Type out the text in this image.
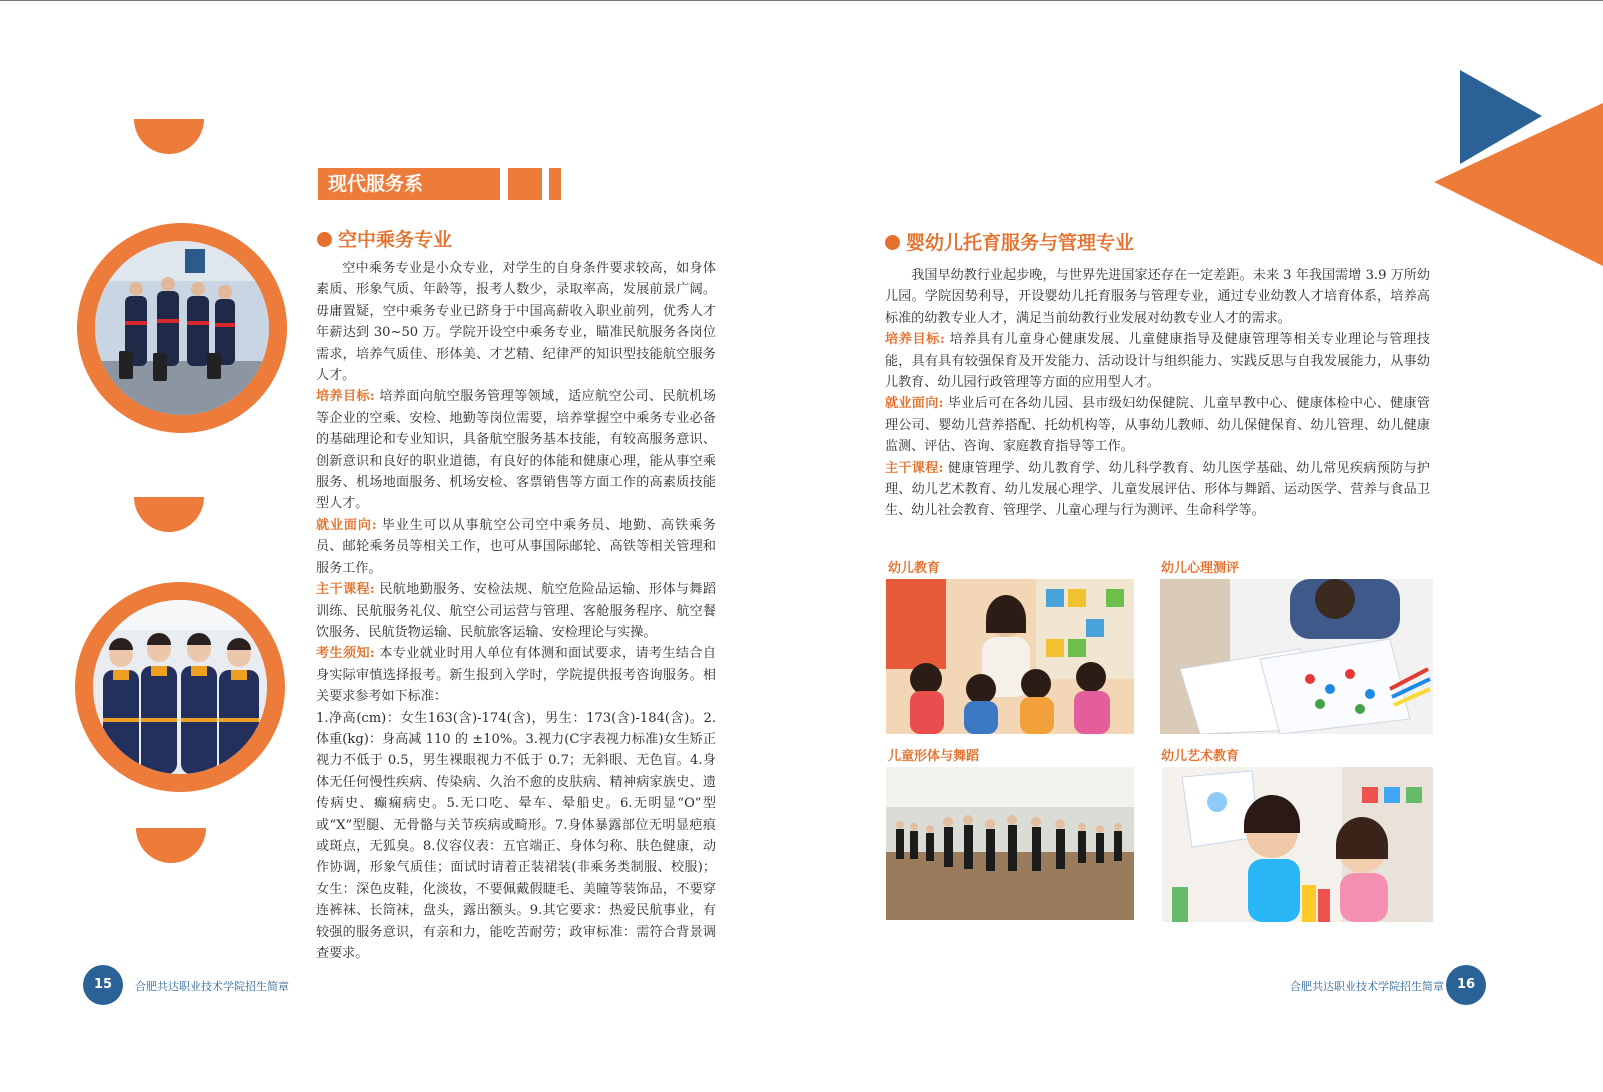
现代服务系
空中乘务专业

空中乘务专业是小众专业，对学生的自身条件要求较高，如身体素质、形象气质、年龄等，报考人数少，录取率高，发展前景广阔。毋庸置疑，空中乘务专业已跻身于中国高薪收入职业前列，优秀人才年薪达到 30~50 万。学院开设空中乘务专业，瞄准民航服务各岗位需求，培养气质佳、形体美、才艺精、纪律严的知识型技能航空服务人才。

培养目标: 培养面向航空服务管理等领域，适应航空公司、民航机场等企业的空乘、安检、地勤等岗位需要，培养掌握空中乘务专业必备的基础理论和专业知识，具备航空服务基本技能，有较高服务意识、创新意识和良好的职业道德，有良好的体能和健康心理，能从事空乘服务、机场地面服务、机场安检、客票销售等方面工作的高素质技能型人才。

就业面向: 毕业生可以从事航空公司空中乘务员、地勤、高铁乘务员、邮轮乘务员等相关工作，也可从事国际邮轮、高铁等相关管理和服务工作。

主干课程: 民航地勤服务、安检法规、航空危险品运输、形体与舞蹈训练、民航服务礼仪、航空公司运营与管理、客舱服务程序、航空餐饮服务、民航货物运输、民航旅客运输、安检理论与实操。

考生须知: 本专业就业时用人单位有体测和面试要求，请考生结合自身实际审慎选择报考。新生报到入学时，学院提供报考咨询服务。相关要求参考如下标准：

1.净高(cm)：女生163(含)-174(含)，男生：173(含)-184(含)。2.体重(kg)：身高减 110 的 ±10%。3.视力(C字表视力标准)女生矫正视力不低于 0.5，男生裸眼视力不低于 0.7；无斜眼、无色盲。4.身体无任何慢性疾病、传染病、久治不愈的皮肤病、精神病家族史、遗传病史、癫痫病史。5.无口吃、晕车、晕船史。6.无明显“O”型或“X”型腿、无骨骼与关节疾病或畸形。7.身体暴露部位无明显疤痕或斑点，无狐臭。8.仪容仪表：五官端正、身体匀称、肤色健康，动作协调，形象气质佳；面试时请着正装裙装(非乘务类制服、校服)；女生：深色皮鞋，化淡妆，不要佩戴假睫毛、美瞳等装饰品，不要穿连裤袜、长筒袜，盘头，露出额头。9.其它要求：热爱民航事业，有较强的服务意识，有亲和力，能吃苦耐劳；政审标准：需符合背景调查要求。

婴幼儿托育服务与管理专业

我国早幼教行业起步晚，与世界先进国家还存在一定差距。未来 3 年我国需增 3.9 万所幼儿园。学院因势利导，开设婴幼儿托育服务与管理专业，通过专业幼教人才培育体系，培养高标准的幼教专业人才，满足当前幼教行业发展对幼教专业人才的需求。

培养目标: 培养具有儿童身心健康发展、儿童健康指导及健康管理等相关专业理论与管理技能，具有具有较强保育及开发能力、活动设计与组织能力、实践反思与自我发展能力，从事幼儿教育、幼儿园行政管理等方面的应用型人才。

就业面向: 毕业后可在各幼儿园、县市级妇幼保健院、儿童早教中心、健康体检中心、健康管理公司、婴幼儿营养搭配、托幼机构等，从事幼儿教师、幼儿保健保育、幼儿管理、幼儿健康监测、评估、咨询、家庭教育指导等工作。

主干课程: 健康管理学、幼儿教育学、幼儿科学教育、幼儿医学基础、幼儿常见疾病预防与护理、幼儿艺术教育、幼儿发展心理学、儿童发展评估、形体与舞蹈、运动医学、营养与食品卫生、幼儿社会教育、管理学、儿童心理与行为测评、生命科学等。

幼儿教育	幼儿心理测评
儿童形体与舞蹈	幼儿艺术教育
15	合肥共达职业技术学院招生简章	合肥共达职业技术学院招生简章 16
